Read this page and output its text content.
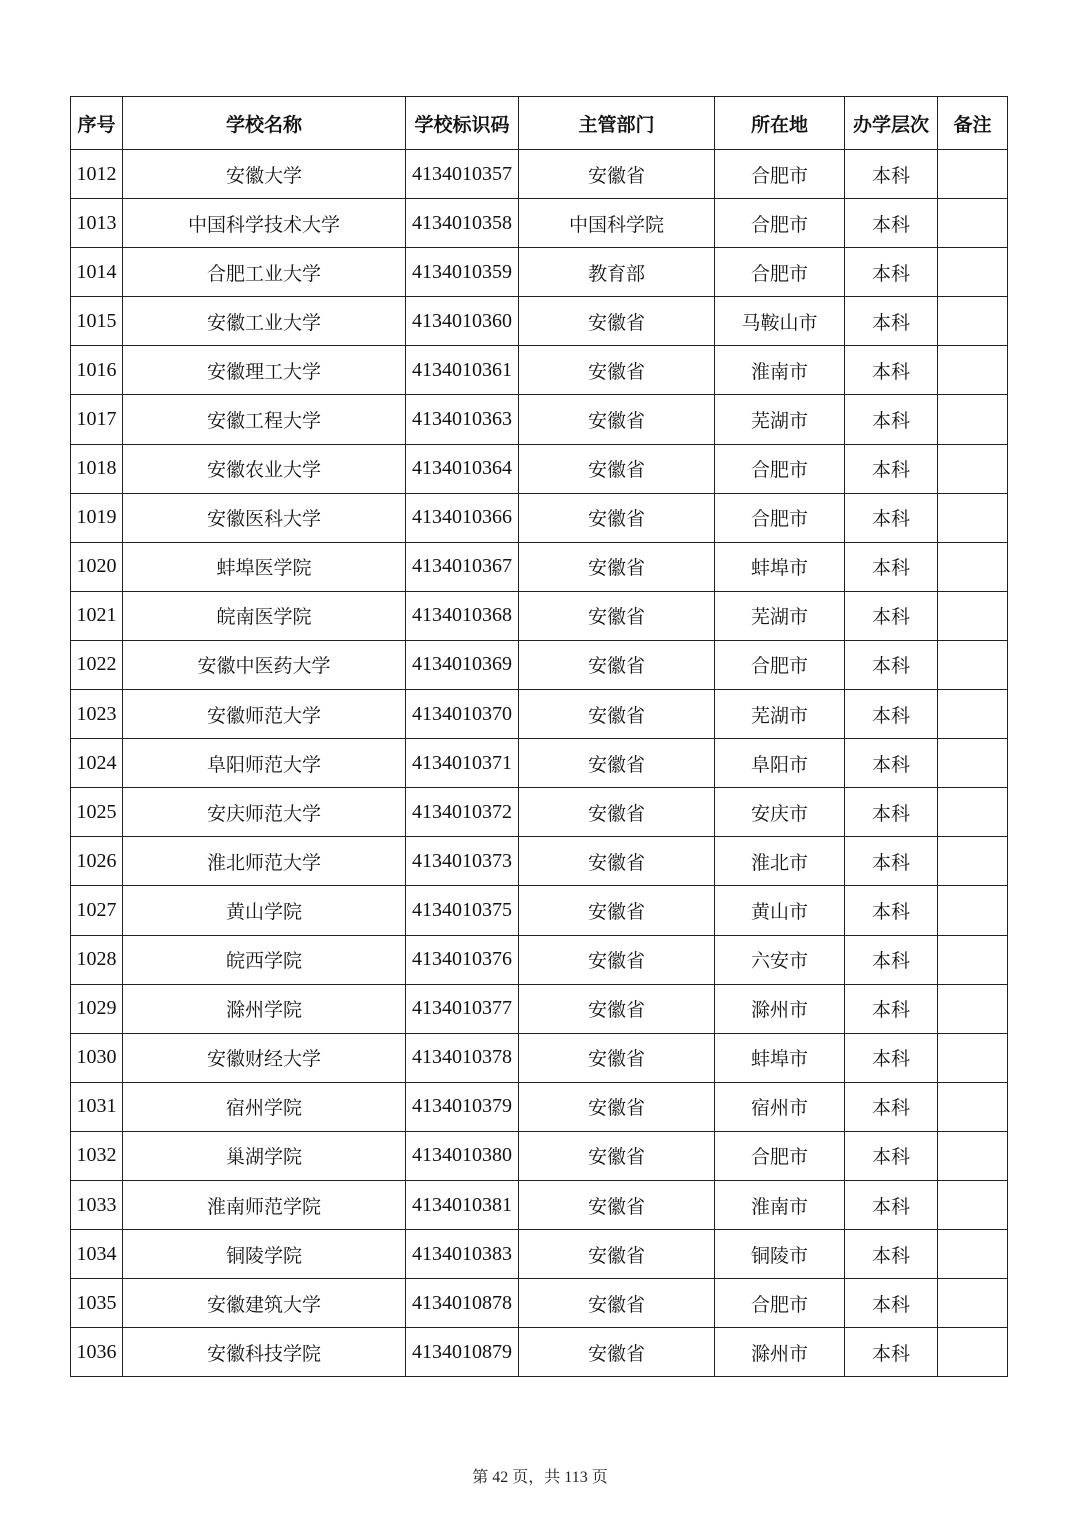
序号	学校名称	学校标识码	主管部门	所在地	办学层次	备注
1012	安徽大学	4134010357	安徽省	合肥市	本科	
1013	中国科学技术大学	4134010358	中国科学院	合肥市	本科	
1014	合肥工业大学	4134010359	教育部	合肥市	本科	
1015	安徽工业大学	4134010360	安徽省	马鞍山市	本科	
1016	安徽理工大学	4134010361	安徽省	淮南市	本科	
1017	安徽工程大学	4134010363	安徽省	芜湖市	本科	
1018	安徽农业大学	4134010364	安徽省	合肥市	本科	
1019	安徽医科大学	4134010366	安徽省	合肥市	本科	
1020	蚌埠医学院	4134010367	安徽省	蚌埠市	本科	
1021	皖南医学院	4134010368	安徽省	芜湖市	本科	
1022	安徽中医药大学	4134010369	安徽省	合肥市	本科	
1023	安徽师范大学	4134010370	安徽省	芜湖市	本科	
1024	阜阳师范大学	4134010371	安徽省	阜阳市	本科	
1025	安庆师范大学	4134010372	安徽省	安庆市	本科	
1026	淮北师范大学	4134010373	安徽省	淮北市	本科	
1027	黄山学院	4134010375	安徽省	黄山市	本科	
1028	皖西学院	4134010376	安徽省	六安市	本科	
1029	滁州学院	4134010377	安徽省	滁州市	本科	
1030	安徽财经大学	4134010378	安徽省	蚌埠市	本科	
1031	宿州学院	4134010379	安徽省	宿州市	本科	
1032	巢湖学院	4134010380	安徽省	合肥市	本科	
1033	淮南师范学院	4134010381	安徽省	淮南市	本科	
1034	铜陵学院	4134010383	安徽省	铜陵市	本科	
1035	安徽建筑大学	4134010878	安徽省	合肥市	本科	
1036	安徽科技学院	4134010879	安徽省	滁州市	本科	
第 42 页，共 113 页
